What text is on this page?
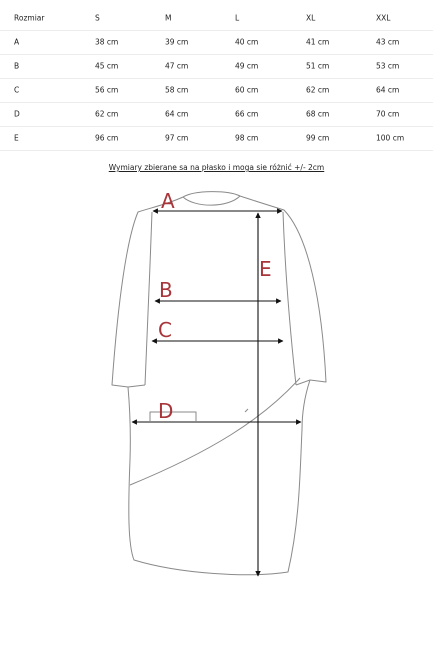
Rozmiar	S	M	L	XL	XXL
A	38 cm	39 cm	40 cm	41 cm	43 cm
B	45 cm	47 cm	49 cm	51 cm	53 cm
C	56 cm	58 cm	60 cm	62 cm	64 cm
D	62 cm	64 cm	66 cm	68 cm	70 cm
E	96 cm	97 cm	98 cm	99 cm	100 cm
Wymiary zbierane sa na płasko i moga sie różnić +/- 2cm
A
B
C
D
E
